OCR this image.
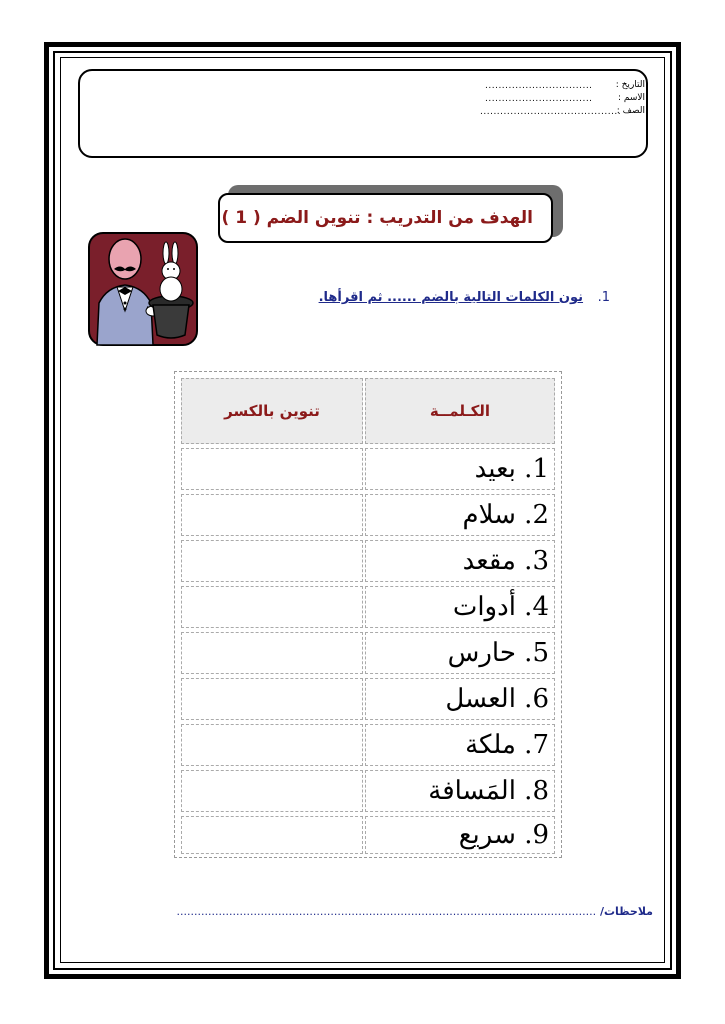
التاريخ :
................................
الاسم :
................................
الصف :
..........................................
الهدف من التدريب : تنوين الضم ( 1 )
1. نون الكلمات التالية بالضم ...... ثم اقرأها.
الكـلمــة
تنوين بالكسر
1. بعيد
2. سلام
3. مقعد
4. أدوات
5. حارس
6. العسل
7. ملكة
8. المَسافة
9. سريع
ملاحظات/ ........................................................................................................................
